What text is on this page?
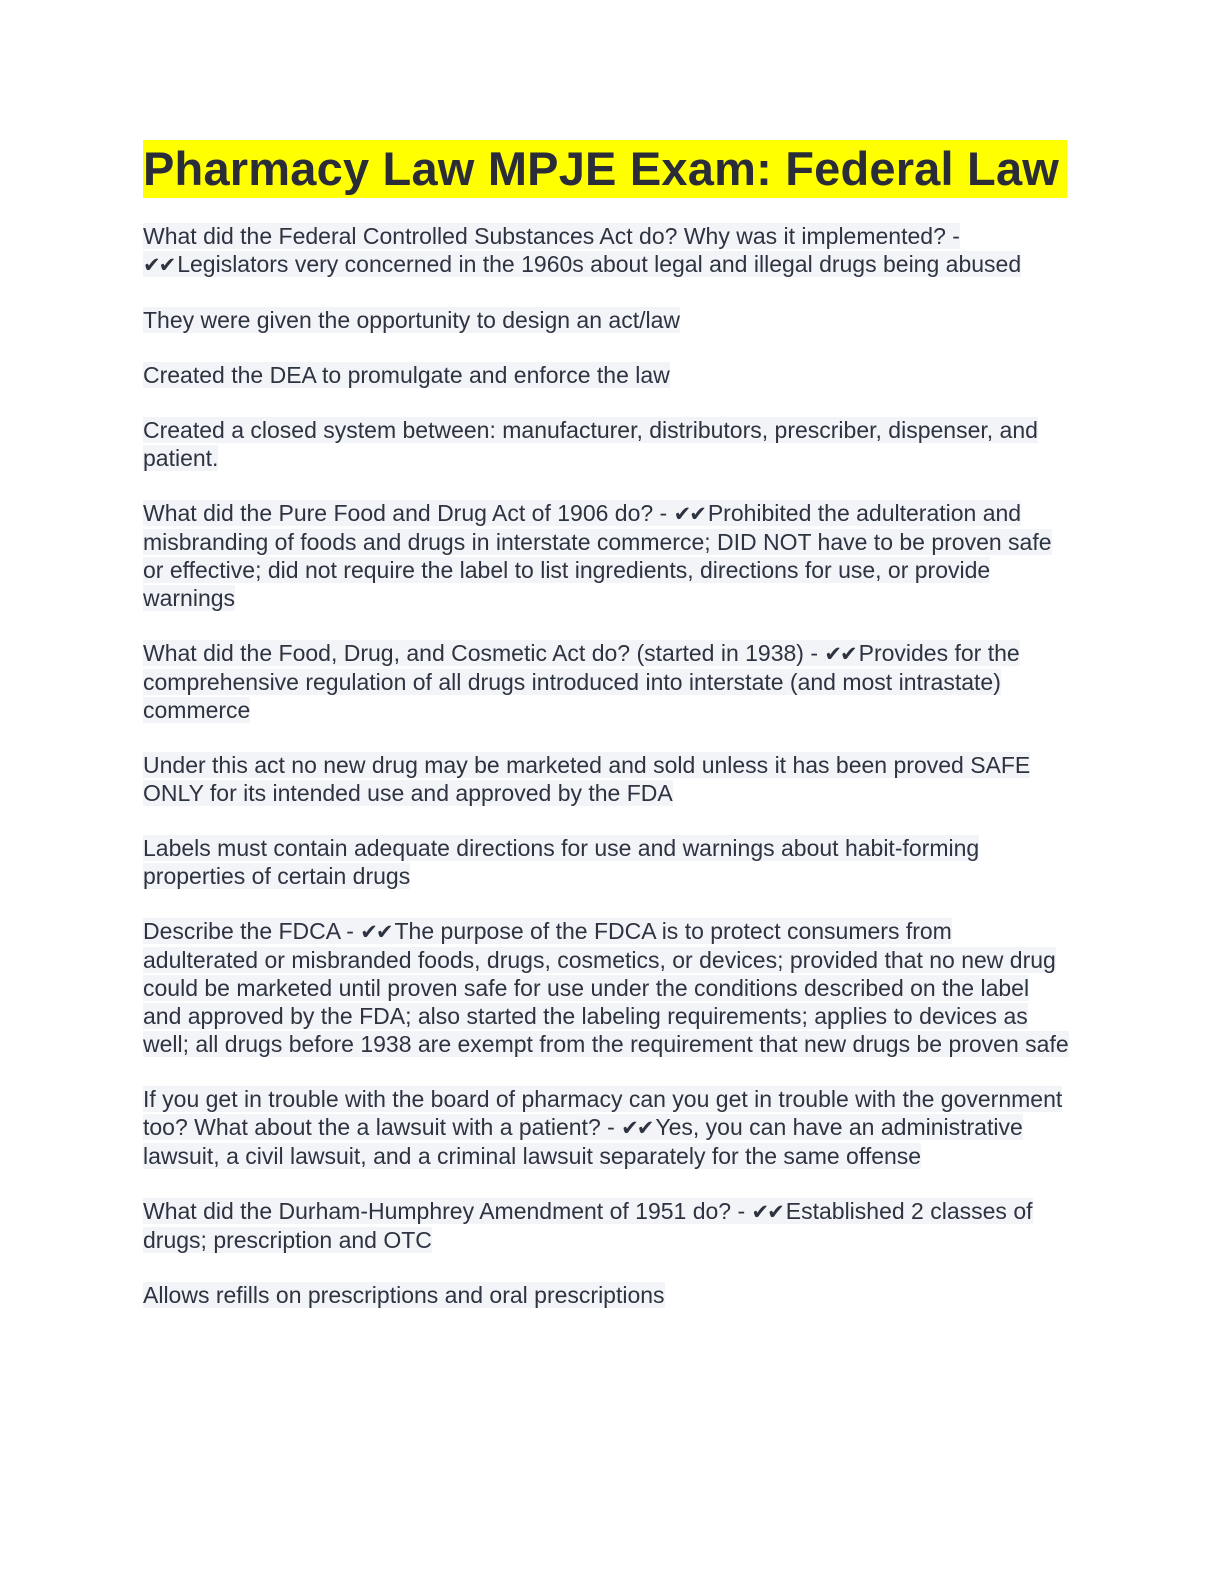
Pharmacy Law MPJE Exam: Federal Law
What did the Federal Controlled Substances Act do? Why was it implemented? -
✔✔ Legislators very concerned in the 1960s about legal and illegal drugs being abused
They were given the opportunity to design an act/law
Created the DEA to promulgate and enforce the law
Created a closed system between: manufacturer, distributors, prescriber, dispenser, and patient.
What did the Pure Food and Drug Act of 1906 do? - ✔✔ Prohibited the adulteration and misbranding of foods and drugs in interstate commerce; DID NOT have to be proven safe or effective; did not require the label to list ingredients, directions for use, or provide warnings
What did the Food, Drug, and Cosmetic Act do? (started in 1938) - ✔✔ Provides for the comprehensive regulation of all drugs introduced into interstate (and most intrastate) commerce
Under this act no new drug may be marketed and sold unless it has been proved SAFE ONLY for its intended use and approved by the FDA
Labels must contain adequate directions for use and warnings about habit-forming properties of certain drugs
Describe the FDCA - ✔✔ The purpose of the FDCA is to protect consumers from adulterated or misbranded foods, drugs, cosmetics, or devices; provided that no new drug could be marketed until proven safe for use under the conditions described on the label and approved by the FDA; also started the labeling requirements; applies to devices as well; all drugs before 1938 are exempt from the requirement that new drugs be proven safe
If you get in trouble with the board of pharmacy can you get in trouble with the government too? What about the a lawsuit with a patient? - ✔✔ Yes, you can have an administrative lawsuit, a civil lawsuit, and a criminal lawsuit separately for the same offense
What did the Durham-Humphrey Amendment of 1951 do? - ✔✔ Established 2 classes of drugs; prescription and OTC
Allows refills on prescriptions and oral prescriptions
